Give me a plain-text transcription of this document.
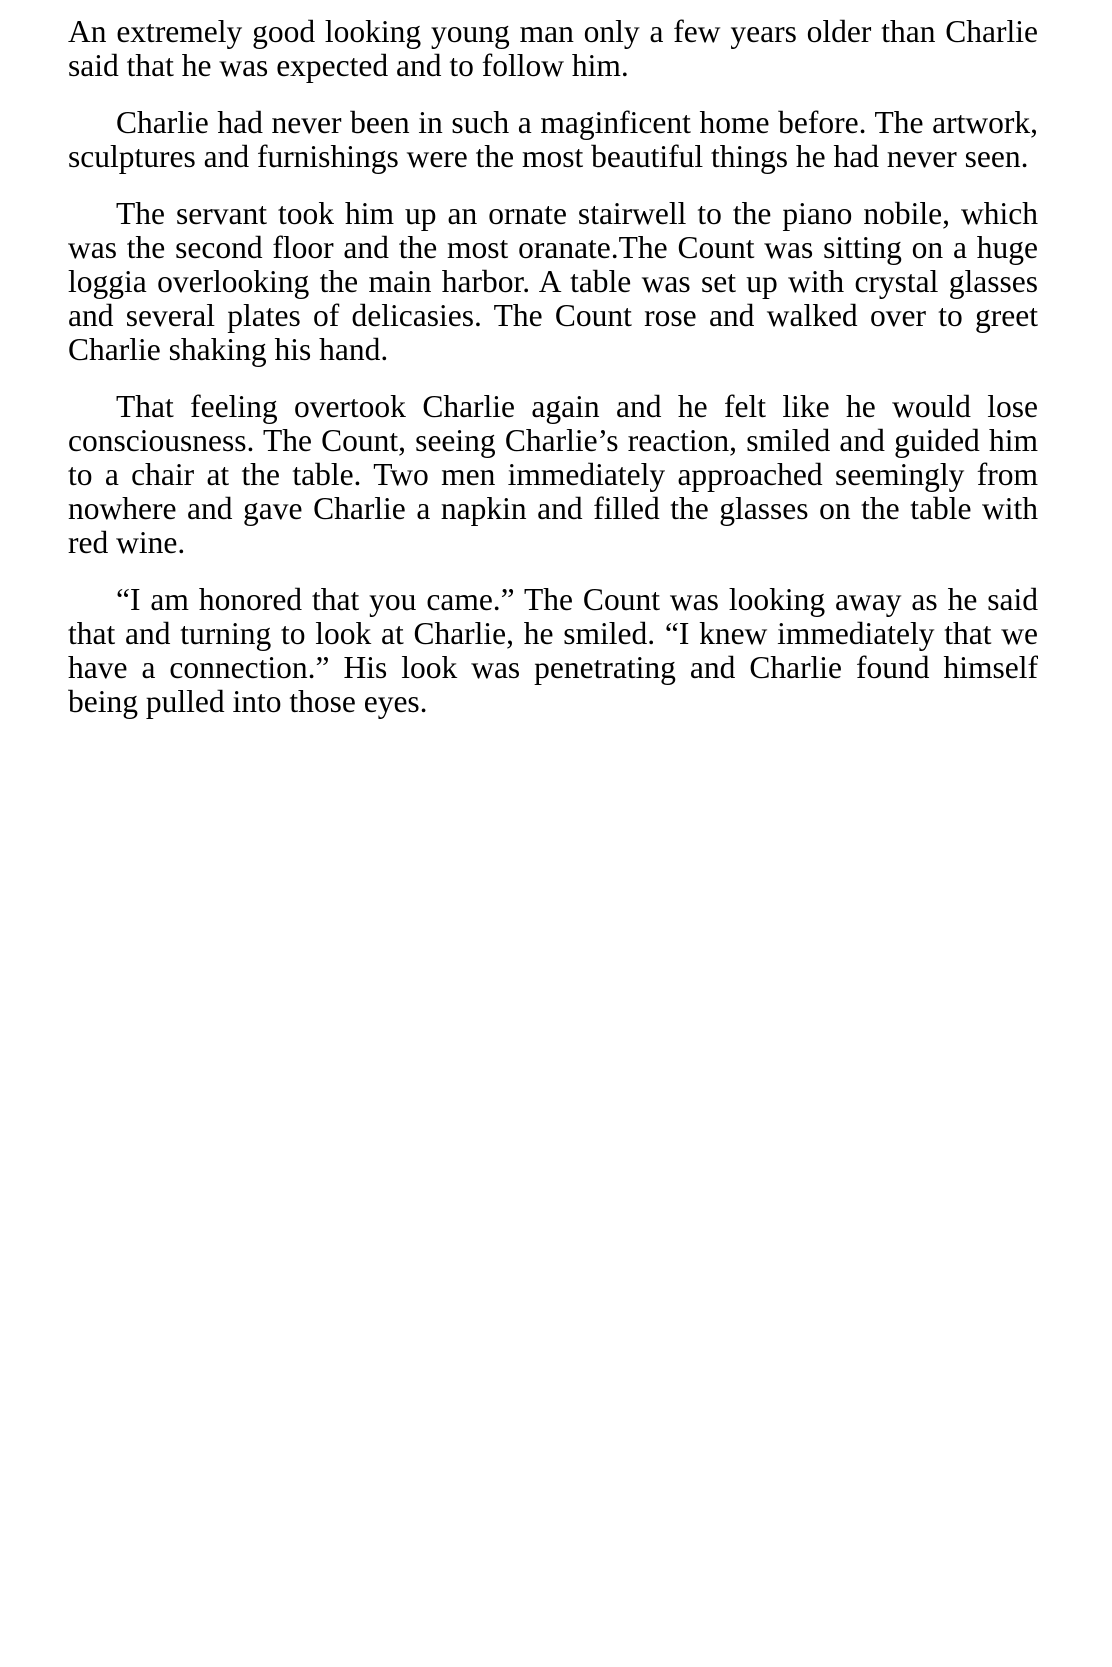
An extremely good looking young man only a few years older than Charlie said that he was expected and to follow him.

Charlie had never been in such a maginficent home before. The artwork, sculptures and furnishings were the most beautiful things he had never seen.

The servant took him up an ornate stairwell to the piano nobile, which was the second floor and the most oranate.The Count was sitting on a huge loggia overlooking the main harbor. A table was set up with crystal glasses and several plates of delicasies. The Count rose and walked over to greet Charlie shaking his hand.

That feeling overtook Charlie again and he felt like he would lose consciousness. The Count, seeing Charlie’s reaction, smiled and guided him to a chair at the table. Two men immediately approached seemingly from nowhere and gave Charlie a napkin and filled the glasses on the table with red wine.

“I am honored that you came.” The Count was looking away as he said that and turning to look at Charlie, he smiled. “I knew immediately that we have a connection.” His look was penetrating and Charlie found himself being pulled into those eyes.
